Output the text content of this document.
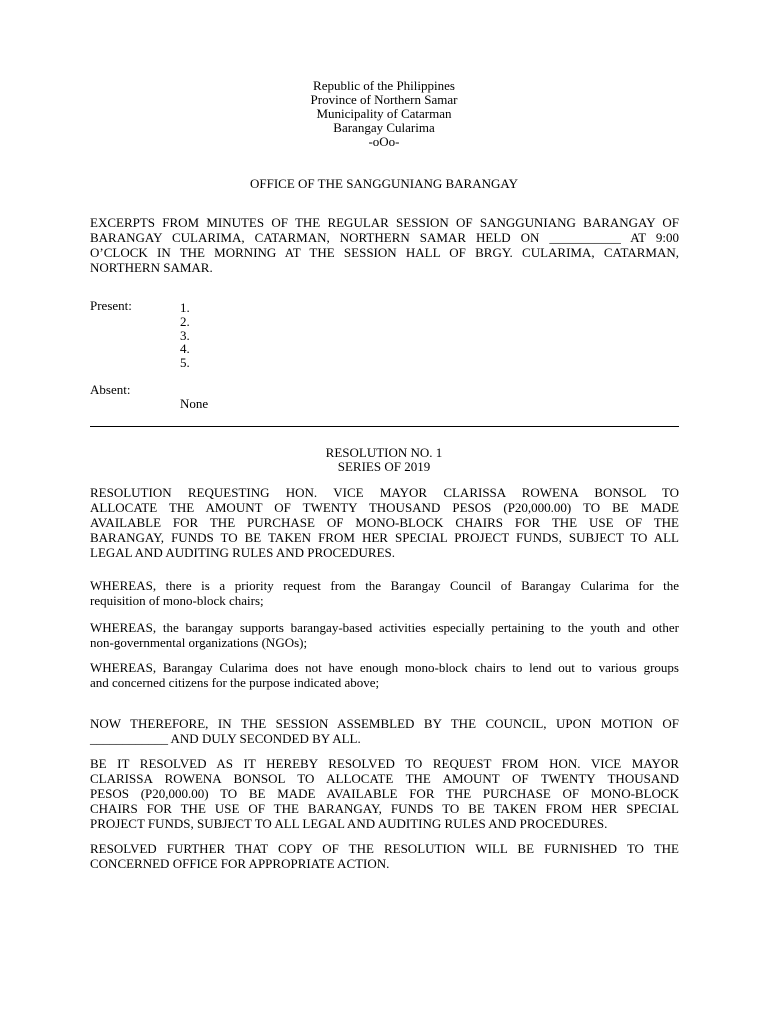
Republic of the Philippines
Province of Northern Samar
Municipality of Catarman
Barangay Cularima
-oOo-
OFFICE OF THE SANGGUNIANG BARANGAY
EXCERPTS FROM MINUTES OF THE REGULAR SESSION OF SANGGUNIANG BARANGAY OF
BARANGAY CULARIMA, CATARMAN, NORTHERN SAMAR HELD ON ___________ AT 9:00
O’CLOCK IN THE MORNING AT THE SESSION HALL OF BRGY. CULARIMA, CATARMAN,
NORTHERN SAMAR.
Present:	1.
2.
3.
4.
5.
Absent:
None
RESOLUTION NO. 1
SERIES OF 2019
RESOLUTION REQUESTING HON. VICE MAYOR CLARISSA ROWENA BONSOL TO
ALLOCATE THE AMOUNT OF TWENTY THOUSAND PESOS (P20,000.00) TO BE MADE
AVAILABLE FOR THE PURCHASE OF MONO-BLOCK CHAIRS FOR THE USE OF THE
BARANGAY, FUNDS TO BE TAKEN FROM HER SPECIAL PROJECT FUNDS, SUBJECT TO ALL
LEGAL AND AUDITING RULES AND PROCEDURES.
WHEREAS, there is a priority request from the Barangay Council of Barangay Cularima for the
requisition of mono-block chairs;
WHEREAS, the barangay supports barangay-based activities especially pertaining to the youth and other
non-governmental organizations (NGOs);
WHEREAS, Barangay Cularima does not have enough mono-block chairs to lend out to various groups
and concerned citizens for the purpose indicated above;
NOW THEREFORE, IN THE SESSION ASSEMBLED BY THE COUNCIL, UPON MOTION OF
____________ AND DULY SECONDED BY ALL.
BE IT RESOLVED AS IT HEREBY RESOLVED TO REQUEST FROM HON. VICE MAYOR
CLARISSA ROWENA BONSOL TO ALLOCATE THE AMOUNT OF TWENTY THOUSAND
PESOS (P20,000.00) TO BE MADE AVAILABLE FOR THE PURCHASE OF MONO-BLOCK
CHAIRS FOR THE USE OF THE BARANGAY, FUNDS TO BE TAKEN FROM HER SPECIAL
PROJECT FUNDS, SUBJECT TO ALL LEGAL AND AUDITING RULES AND PROCEDURES.
RESOLVED FURTHER THAT COPY OF THE RESOLUTION WILL BE FURNISHED TO THE
CONCERNED OFFICE FOR APPROPRIATE ACTION.
